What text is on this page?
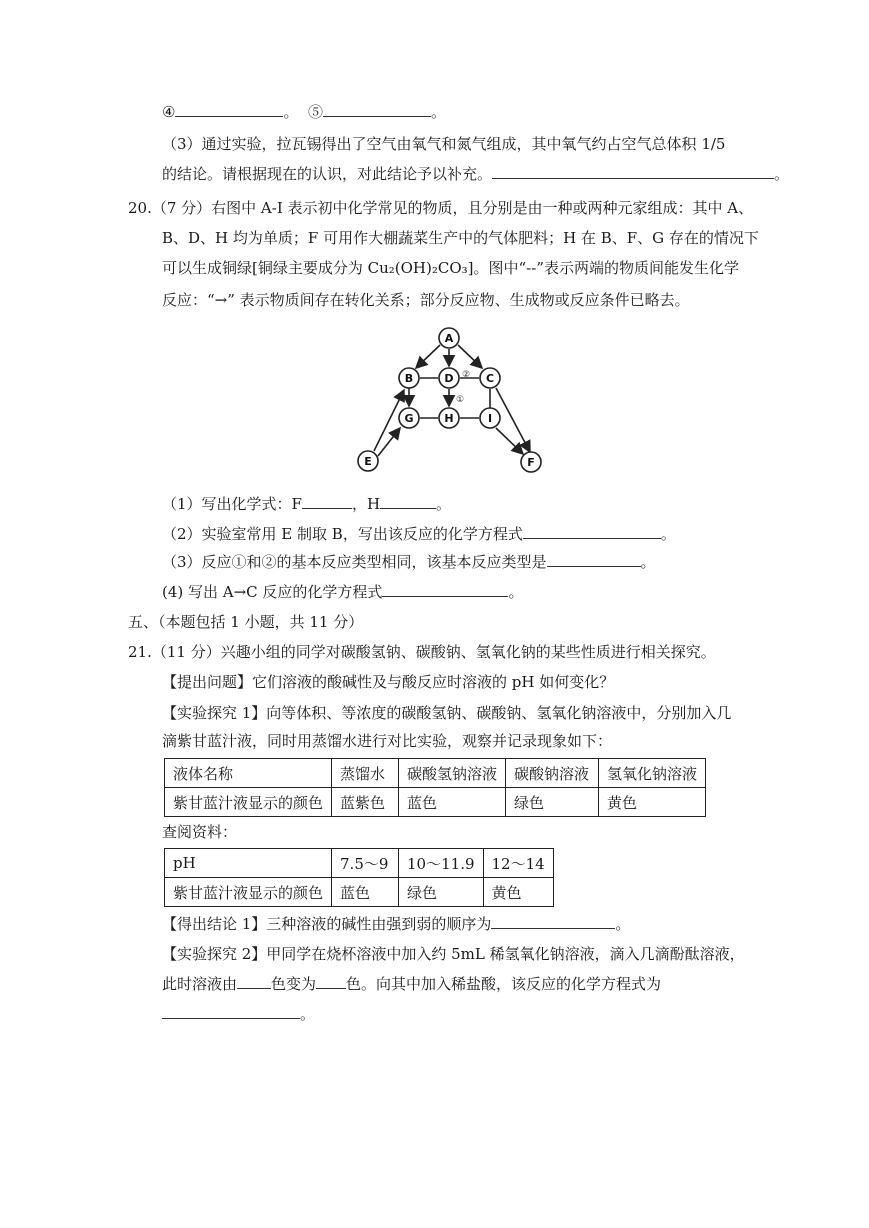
④	。 ⑤	。
（3）通过实验，拉瓦锡得出了空气由氧气和氮气组成，其中氧气约占空气总体积 1/5
的结论。请根据现在的认识，对此结论予以补充。	。
20.（7 分）右图中 A-I 表示初中化学常见的物质，且分别是由一种或两种元家组成：其中 A、
B、D、H 均为单质；F 可用作大棚蔬菜生产中的气体肥料；H 在 B、F、G 存在的情况下
可以生成铜绿[铜绿主要成分为 Cu₂(OH)₂CO₃]。图中“--”表示两端的物质间能发生化学
反应：“→” 表示物质间存在转化关系；部分反应物、生成物或反应条件已略去。
A
B	C
D
E	F
G	H	I
①
②
（1）写出化学式：F	，H	。
（2）实验室常用 E 制取 B，写出该反应的化学方程式	。
（3）反应①和②的基本反应类型相同，该基本反应类型是	。
(4) 写出 A→C 反应的化学方程式	。
五、（本题包括 1 小题，共 11 分）
21.（11 分）兴趣小组的同学对碳酸氢钠、碳酸钠、氢氧化钠的某些性质进行相关探究。
【提出问题】它们溶液的酸碱性及与酸反应时溶液的 pH 如何变化？
【实验探究 1】向等体积、等浓度的碳酸氢钠、碳酸钠、氢氧化钠溶液中，分别加入几
滴紫甘蓝汁液，同时用蒸馏水进行对比实验，观察并记录现象如下：
液体名称	蒸馏水	碳酸氢钠溶液	碳酸钠溶液	氢氧化钠溶液
紫甘蓝汁液显示的颜色	蓝紫色	蓝色	绿色	黄色
查阅资料：
pH	7.5～9	10～11.9	12～14
紫甘蓝汁液显示的颜色	蓝色	绿色	黄色
【得出结论 1】三种溶液的碱性由强到弱的顺序为	。
【实验探究 2】甲同学在烧杯溶液中加入约 5mL 稀氢氧化钠溶液，滴入几滴酚酞溶液，
此时溶液由 色变为 色。向其中加入稀盐酸，该反应的化学方程式为
。
